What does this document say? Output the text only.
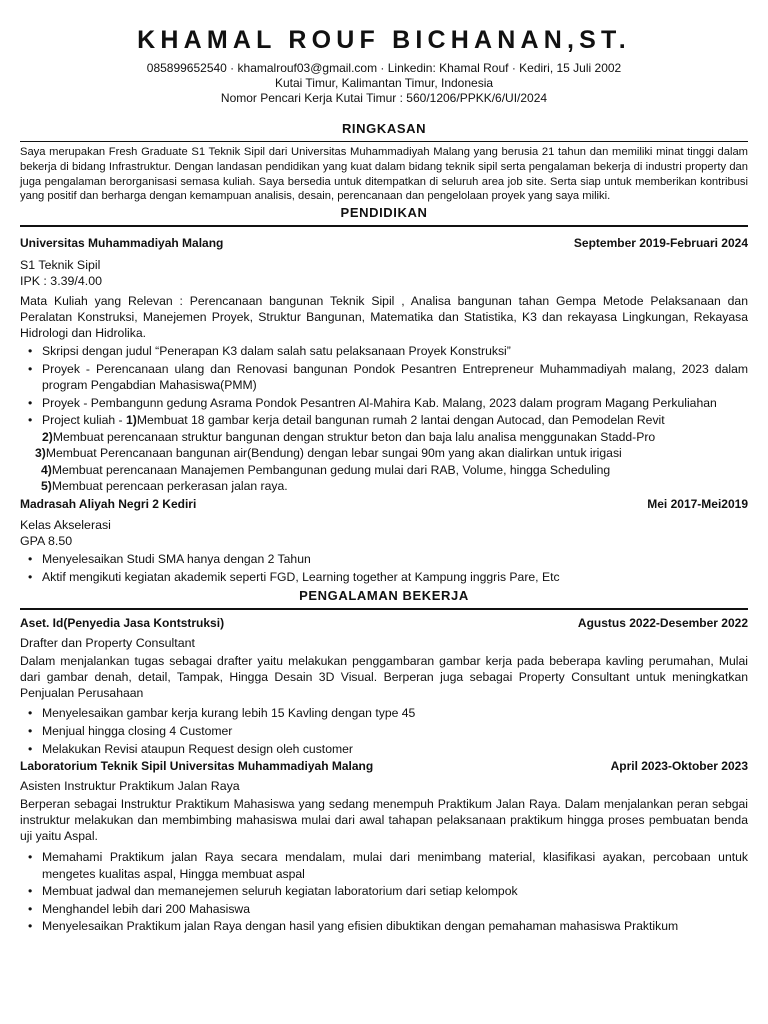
KHAMAL ROUF BICHANAN,ST.
085899652540 · khamalrouf03@gmail.com · Linkedin: Khamal Rouf · Kediri, 15 Juli 2002
Kutai Timur, Kalimantan Timur, Indonesia
Nomor Pencari Kerja Kutai Timur : 560/1206/PPKK/6/UI/2024
RINGKASAN
Saya merupakan Fresh Graduate S1 Teknik Sipil dari Universitas Muhammadiyah Malang yang berusia 21 tahun dan memiliki minat tinggi dalam bekerja di bidang Infrastruktur. Dengan landasan pendidikan yang kuat dalam bidang teknik sipil serta pengalaman bekerja di industri property dan juga pengalaman berorganisasi semasa kuliah. Saya bersedia untuk ditempatkan di seluruh area job site. Serta siap untuk memberikan kontribusi yang positif dan berharga dengan kemampuan analisis, desain, perencanaan dan pengelolaan proyek yang saya miliki.
PENDIDIKAN
Universitas Muhammadiyah Malang	September 2019-Februari 2024
S1 Teknik Sipil
IPK : 3.39/4.00
Mata Kuliah yang Relevan : Perencanaan bangunan Teknik Sipil , Analisa bangunan tahan Gempa Metode Pelaksanaan dan Peralatan Konstruksi, Manejemen Proyek, Struktur Bangunan, Matematika dan Statistika, K3 dan rekayasa Lingkungan, Rekayasa Hidrologi dan Hidrolika.
• Skripsi dengan judul “Penerapan K3 dalam salah satu pelaksanaan Proyek Konstruksi”
• Proyek - Perencanaan ulang dan Renovasi bangunan Pondok Pesantren Entrepreneur Muhammadiyah malang, 2023 dalam program Pengabdian Mahasiswa(PMM)
• Proyek - Pembangunn gedung Asrama Pondok Pesantren Al-Mahira Kab. Malang, 2023 dalam program Magang Perkuliahan
• Project kuliah - 1)Membuat 18 gambar kerja detail bangunan rumah 2 lantai dengan Autocad, dan Pemodelan Revit
2)Membuat perencanaan struktur bangunan dengan struktur beton dan baja lalu analisa menggunakan Stadd-Pro
3)Membuat Perencanaan bangunan air(Bendung) dengan lebar sungai 90m yang akan dialirkan untuk irigasi
4)Membuat perencanaan Manajemen Pembangunan gedung mulai dari RAB, Volume, hingga Scheduling
5)Membuat perencaan perkerasan jalan raya.
Madrasah Aliyah Negri 2 Kediri	Mei 2017-Mei2019
Kelas Akselerasi
GPA 8.50
• Menyelesaikan Studi SMA hanya dengan 2 Tahun
• Aktif mengikuti kegiatan akademik seperti FGD, Learning together at Kampung inggris Pare, Etc
PENGALAMAN BEKERJA
Aset. Id(Penyedia Jasa Kontstruksi)	Agustus 2022-Desember 2022
Drafter dan Property Consultant
Dalam menjalankan tugas sebagai drafter yaitu melakukan penggambaran gambar kerja pada beberapa kavling perumahan, Mulai dari gambar denah, detail, Tampak, Hingga Desain 3D Visual. Berperan juga sebagai Property Consultant untuk meningkatkan Penjualan Perusahaan
• Menyelesaikan gambar kerja kurang lebih 15 Kavling dengan type 45
• Menjual hingga closing 4 Customer
• Melakukan Revisi ataupun Request design oleh customer
Laboratorium Teknik Sipil Universitas Muhammadiyah Malang	April 2023-Oktober 2023
Asisten Instruktur Praktikum Jalan Raya
Berperan sebagai Instruktur Praktikum Mahasiswa yang sedang menempuh Praktikum Jalan Raya. Dalam menjalankan peran sebgai instruktur melakukan dan membimbing mahasiswa mulai dari awal tahapan pelaksanaan praktikum hingga proses pembuatan benda uji yaitu Aspal.
• Memahami Praktikum jalan Raya secara mendalam, mulai dari menimbang material, klasifikasi ayakan, percobaan untuk mengetes kualitas aspal, Hingga membuat aspal
• Membuat jadwal dan memanejemen seluruh kegiatan laboratorium dari setiap kelompok
• Menghandel lebih dari 200 Mahasiswa
• Menyelesaikan Praktikum jalan Raya dengan hasil yang efisien dibuktikan dengan pemahaman mahasiswa Praktikum
